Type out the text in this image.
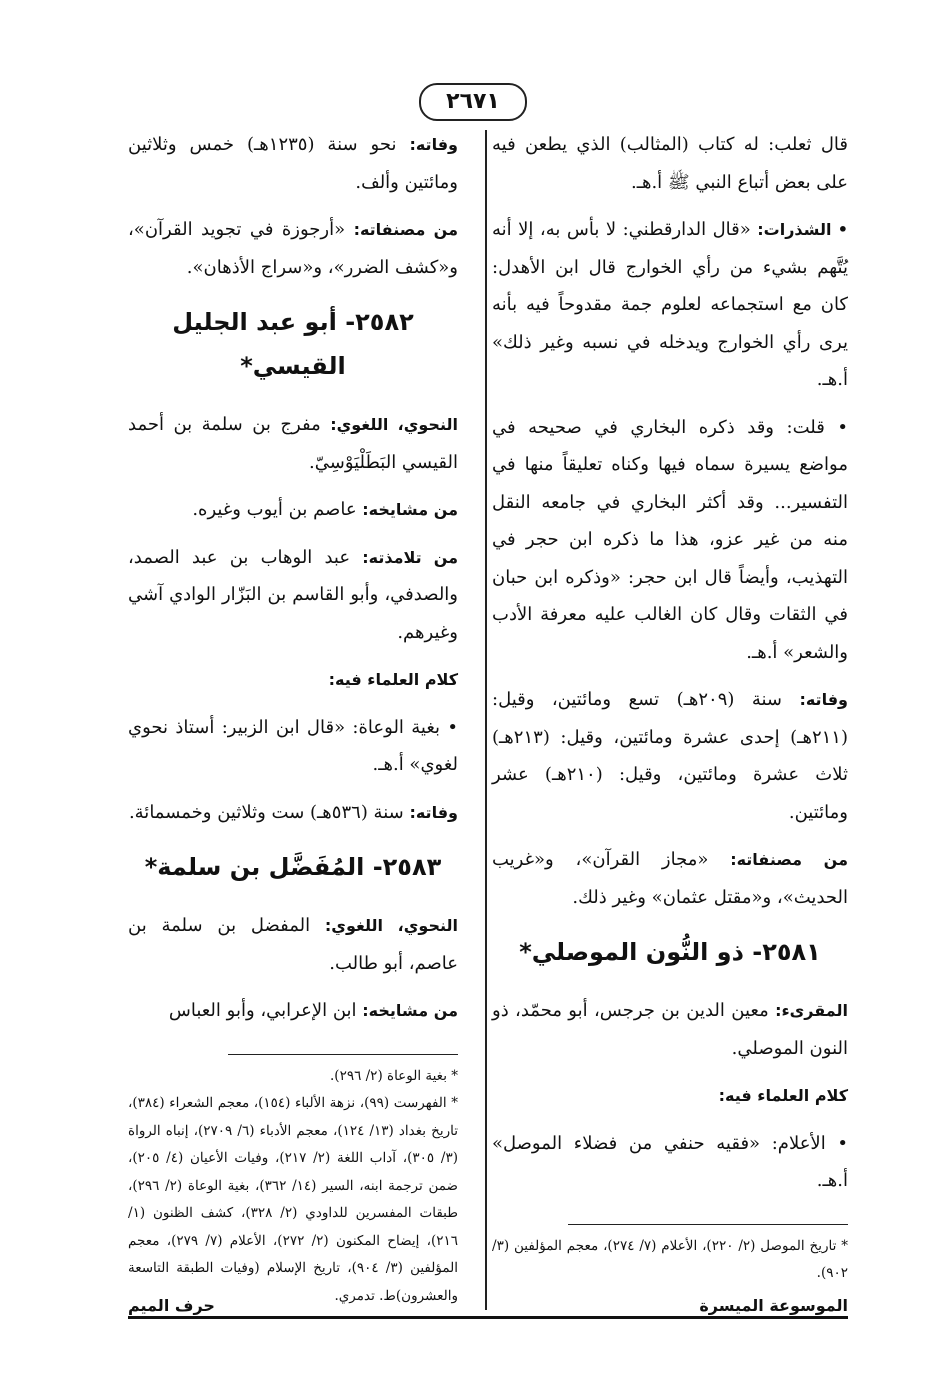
٢٦٧١

قال ثعلب: له كتاب (المثالب) الذي يطعن فيه على بعض أتباع النبي ﷺ أ.هـ.

• الشذرات: «قال الدارقطني: لا بأس به، إلا أنه يُتَّهم بشيء من رأي الخوارج قال ابن الأهدل: كان مع استجماعه لعلوم جمة مقدوحاً فيه بأنه يرى رأي الخوارج ويدخله في نسبه وغير ذلك» أ.هـ.

• قلت: وقد ذكره البخاري في صحيحه في مواضع يسيرة سماه فيها وكناه تعليقاً منها في التفسير... وقد أكثر البخاري في جامعه النقل منه من غير عزو، هذا ما ذكره ابن حجر في التهذيب، وأيضاً قال ابن حجر: «وذكره ابن حبان في الثقات وقال كان الغالب عليه معرفة الأدب والشعر» أ.هـ.

وفاته: سنة (٢٠٩هـ) تسع ومائتين، وقيل: (٢١١هـ) إحدى عشرة ومائتين، وقيل: (٢١٣هـ) ثلاث عشرة ومائتين، وقيل: (٢١٠هـ) عشر ومائتين.

من مصنفاته: «مجاز القرآن»، و«غريب الحديث»، و«مقتل عثمان» وغير ذلك.

٢٥٨١- ذو النُّون الموصلي*

المقرىء: معين الدين بن جرجس، أبو محمّد، ذو النون الموصلي.

كلام العلماء فيه:

• الأعلام: «فقيه حنفي من فضلاء الموصل» أ.هـ.

* تاريخ الموصل (٢/ ٢٢٠)، الأعلام (٧/ ٢٧٤)، معجم المؤلفين (٣/ ٩٠٢).

وفاته: نحو سنة (١٢٣٥هـ) خمس وثلاثين ومائتين وألف.

من مصنفاته: «أرجوزة في تجويد القرآن»، و«كشف الضرر»، و«سراج الأذهان».

٢٥٨٢- أبو عبد الجليل القيسي*

النحوي، اللغوي: مفرج بن سلمة بن أحمد القيسي البَطَلْيَوْسِيّ.

من مشايخه: عاصم بن أيوب وغيره.

من تلامذته: عبد الوهاب بن عبد الصمد، والصدفي، وأبو القاسم بن البَزّار الوادي آشي وغيرهم.

كلام العلماء فيه:

• بغية الوعاة: «قال ابن الزبير: أستاذ نحوي لغوي» أ.هـ.

وفاته: سنة (٥٣٦هـ) ست وثلاثين وخمسمائة.

٢٥٨٣- المُفَضَّل بن سلمة*

النحوي، اللغوي: المفضل بن سلمة بن عاصم، أبو طالب.

من مشايخه: ابن الإعرابي، وأبو العباس

* بغية الوعاة (٢/ ٢٩٦).

* الفهرست (٩٩)، نزهة الألباء (١٥٤)، معجم الشعراء (٣٨٤)، تاريخ بغداد (١٣/ ١٢٤)، معجم الأدباء (٦/ ٢٧٠٩)، إنباه الرواة (٣/ ٣٠٥)، آداب اللغة (٢/ ٢١٧)، وفيات الأعيان (٤/ ٢٠٥)، ضمن ترجمة ابنه، السير (١٤/ ٣٦٢)، بغية الوعاة (٢/ ٢٩٦)، طبقات المفسرين للداودي (٢/ ٣٢٨)، كشف الظنون (١/ ٢١٦)، إيضاح المكنون (٢/ ٢٧٢)، الأعلام (٧/ ٢٧٩)، معجم المؤلفين (٣/ ٩٠٤)، تاريخ الإسلام (وفيات الطبقة التاسعة والعشرون)ط. تدمري.

الموسوعة الميسرة
حرف الميم
